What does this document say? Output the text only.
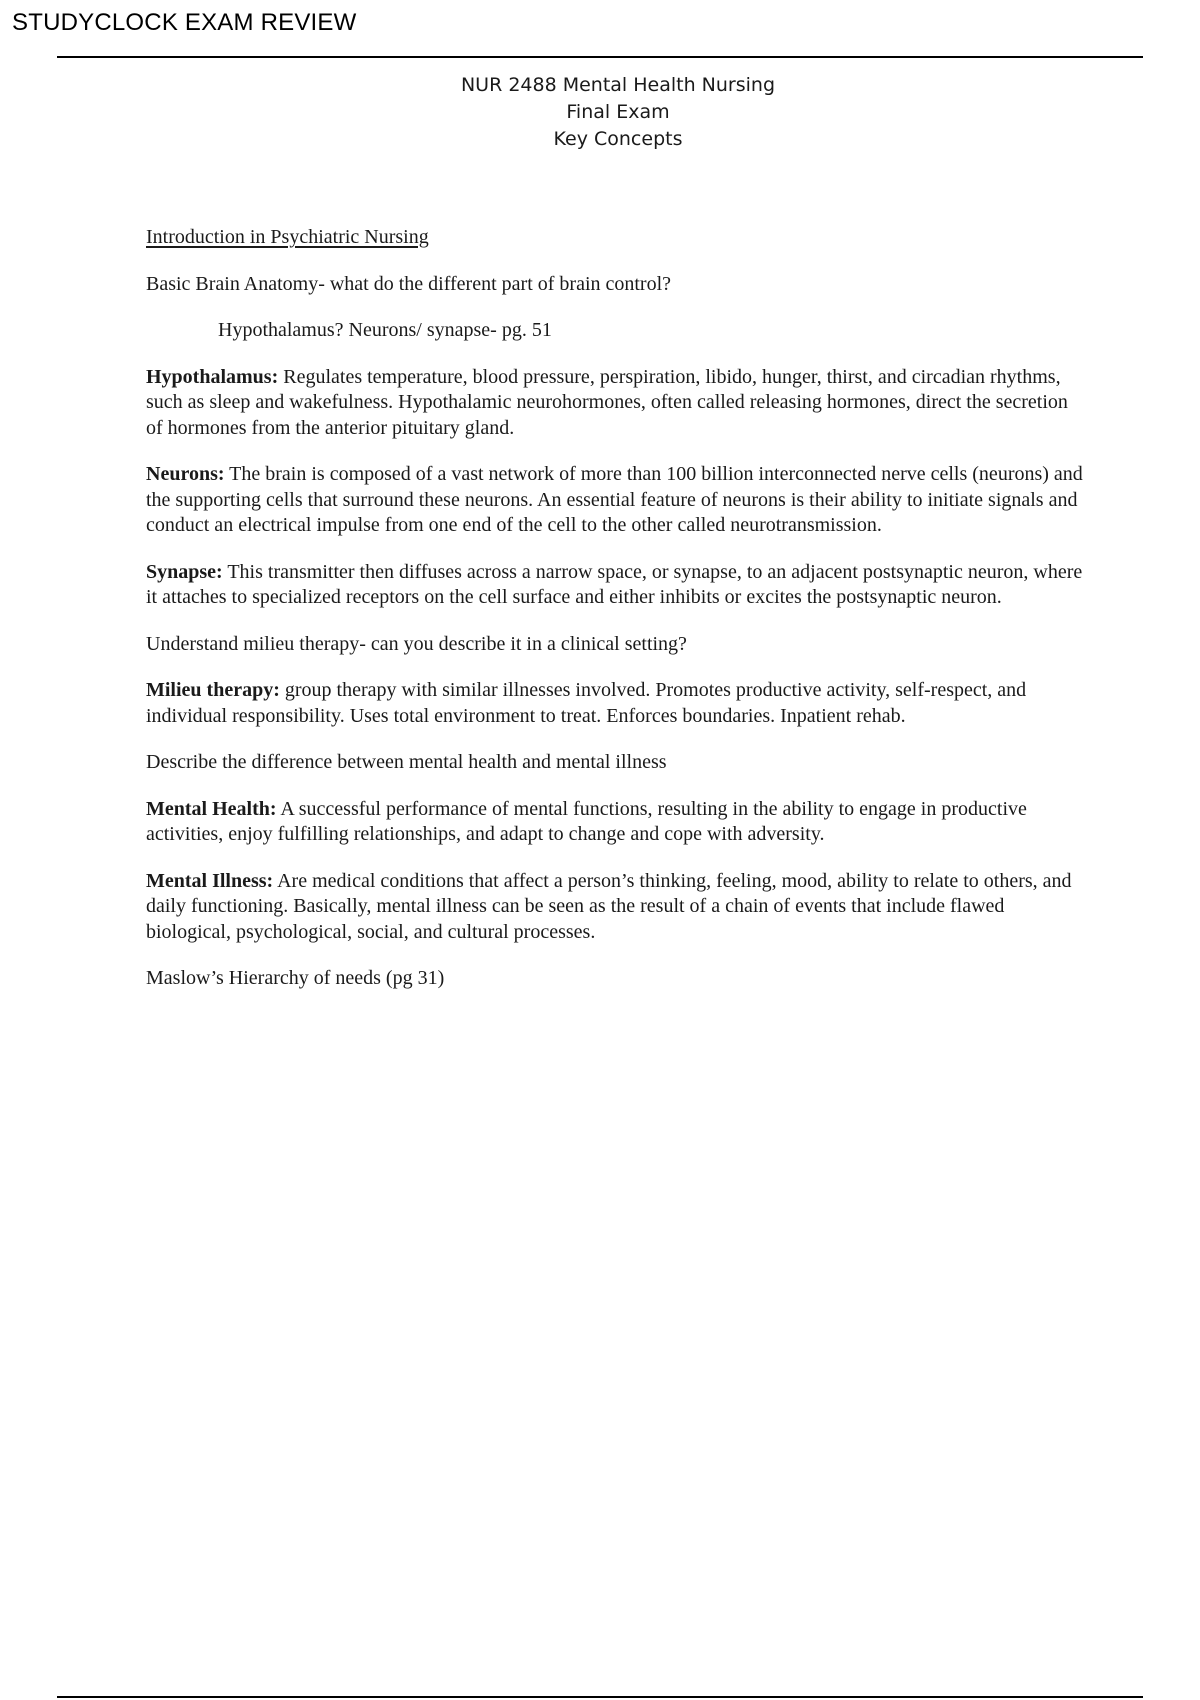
STUDYCLOCK EXAM REVIEW
NUR 2488 Mental Health Nursing
Final Exam
Key Concepts

Introduction in Psychiatric Nursing

Basic Brain Anatomy- what do the different part of brain control?

Hypothalamus? Neurons/ synapse- pg. 51

Hypothalamus: Regulates temperature, blood pressure, perspiration, libido, hunger, thirst, and circadian rhythms, such as sleep and wakefulness. Hypothalamic neurohormones, often called releasing hormones, direct the secretion of hormones from the anterior pituitary gland.

Neurons: The brain is composed of a vast network of more than 100 billion interconnected nerve cells (neurons) and the supporting cells that surround these neurons. An essential feature of neurons is their ability to initiate signals and conduct an electrical impulse from one end of the cell to the other called neurotransmission.

Synapse: This transmitter then diffuses across a narrow space, or synapse, to an adjacent postsynaptic neuron, where it attaches to specialized receptors on the cell surface and either inhibits or excites the postsynaptic neuron.

Understand milieu therapy- can you describe it in a clinical setting?

Milieu therapy: group therapy with similar illnesses involved. Promotes productive activity, self-respect, and individual responsibility. Uses total environment to treat. Enforces boundaries. Inpatient rehab.

Describe the difference between mental health and mental illness

Mental Health: A successful performance of mental functions, resulting in the ability to engage in productive activities, enjoy fulfilling relationships, and adapt to change and cope with adversity.

Mental Illness: Are medical conditions that affect a person’s thinking, feeling, mood, ability to relate to others, and daily functioning. Basically, mental illness can be seen as the result of a chain of events that include flawed biological, psychological, social, and cultural processes.

Maslow’s Hierarchy of needs (pg 31)
